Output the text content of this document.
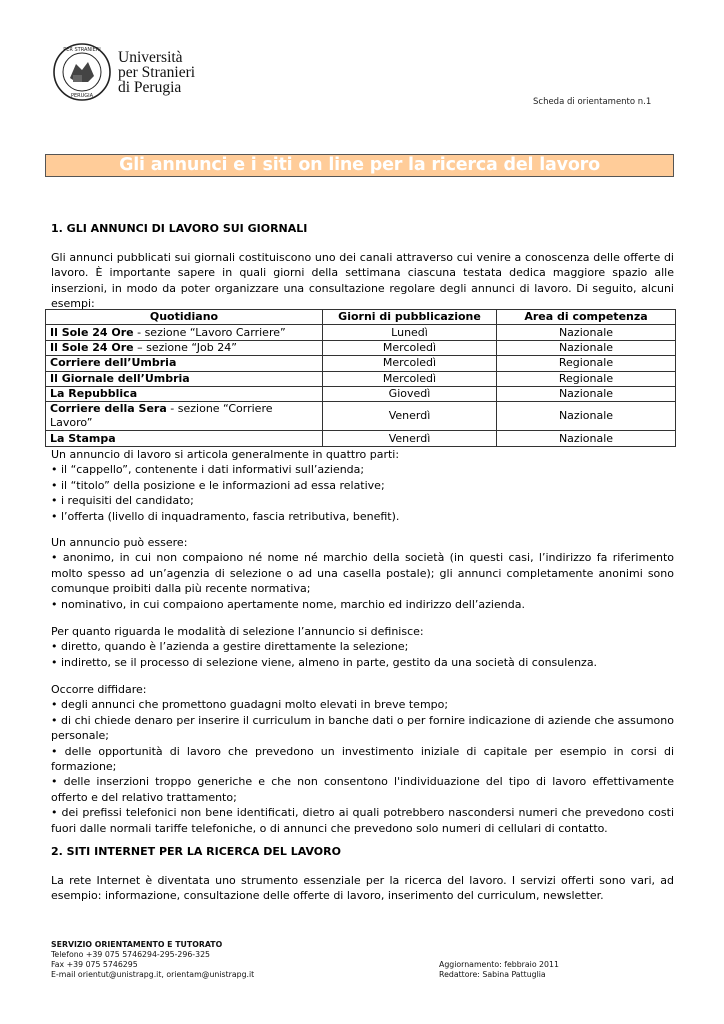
PER STRANIERI
PERUGIA
Università
per Stranieri
di Perugia
Scheda di orientamento n.1
Gli annunci e i siti on line per la ricerca del lavoro
1. GLI ANNUNCI DI LAVORO SUI GIORNALI
Gli annunci pubblicati sui giornali costituiscono uno dei canali attraverso cui venire a conoscenza delle offerte di lavoro. È importante sapere in quali giorni della settimana ciascuna testata dedica maggiore spazio alle inserzioni, in modo da poter organizzare una consultazione regolare degli annunci di lavoro. Di seguito, alcuni esempi:
Quotidiano	Giorni di pubblicazione	Area di competenza
Il Sole 24 Ore - sezione “Lavoro Carriere”	Lunedì	Nazionale
Il Sole 24 Ore – sezione “Job 24”	Mercoledì	Nazionale
Corriere dell’Umbria	Mercoledì	Regionale
Il Giornale dell’Umbria	Mercoledì	Regionale
La Repubblica	Giovedì	Nazionale
Corriere della Sera - sezione “Corriere Lavoro”	Venerdì	Nazionale
La Stampa	Venerdì	Nazionale
Un annuncio di lavoro si articola generalmente in quattro parti:
• il “cappello”, contenente i dati informativi sull’azienda;
• il “titolo” della posizione e le informazioni ad essa relative;
• i requisiti del candidato;
• l’offerta (livello di inquadramento, fascia retributiva, benefit).
Un annuncio può essere:
• anonimo, in cui non compaiono né nome né marchio della società (in questi casi, l’indirizzo fa riferimento molto spesso ad un’agenzia di selezione o ad una casella postale); gli annunci completamente anonimi sono comunque proibiti dalla più recente normativa;
• nominativo, in cui compaiono apertamente nome, marchio ed indirizzo dell’azienda.
Per quanto riguarda le modalità di selezione l’annuncio si definisce:
• diretto, quando è l’azienda a gestire direttamente la selezione;
• indiretto, se il processo di selezione viene, almeno in parte, gestito da una società di consulenza.
Occorre diffidare:
• degli annunci che promettono guadagni molto elevati in breve tempo;
• di chi chiede denaro per inserire il curriculum in banche dati o per fornire indicazione di aziende che assumono personale;
• delle opportunità di lavoro che prevedono un investimento iniziale di capitale per esempio in corsi di formazione;
• delle inserzioni troppo generiche e che non consentono l'individuazione del tipo di lavoro effettivamente offerto e del relativo trattamento;
• dei prefissi telefonici non bene identificati, dietro ai quali potrebbero nascondersi numeri che prevedono costi fuori dalle normali tariffe telefoniche, o di annunci che prevedono solo numeri di cellulari di contatto.
2. SITI INTERNET PER LA RICERCA DEL LAVORO
La rete Internet è diventata uno strumento essenziale per la ricerca del lavoro. I servizi offerti sono vari, ad esempio: informazione, consultazione delle offerte di lavoro, inserimento del curriculum, newsletter.
SERVIZIO ORIENTAMENTO E TUTORATO
Telefono +39 075 5746294-295-296-325
Fax +39 075 5746295
E-mail orientut@unistrapg.it, orientam@unistrapg.it
Aggiornamento: febbraio 2011
Redattore: Sabina Pattuglia
